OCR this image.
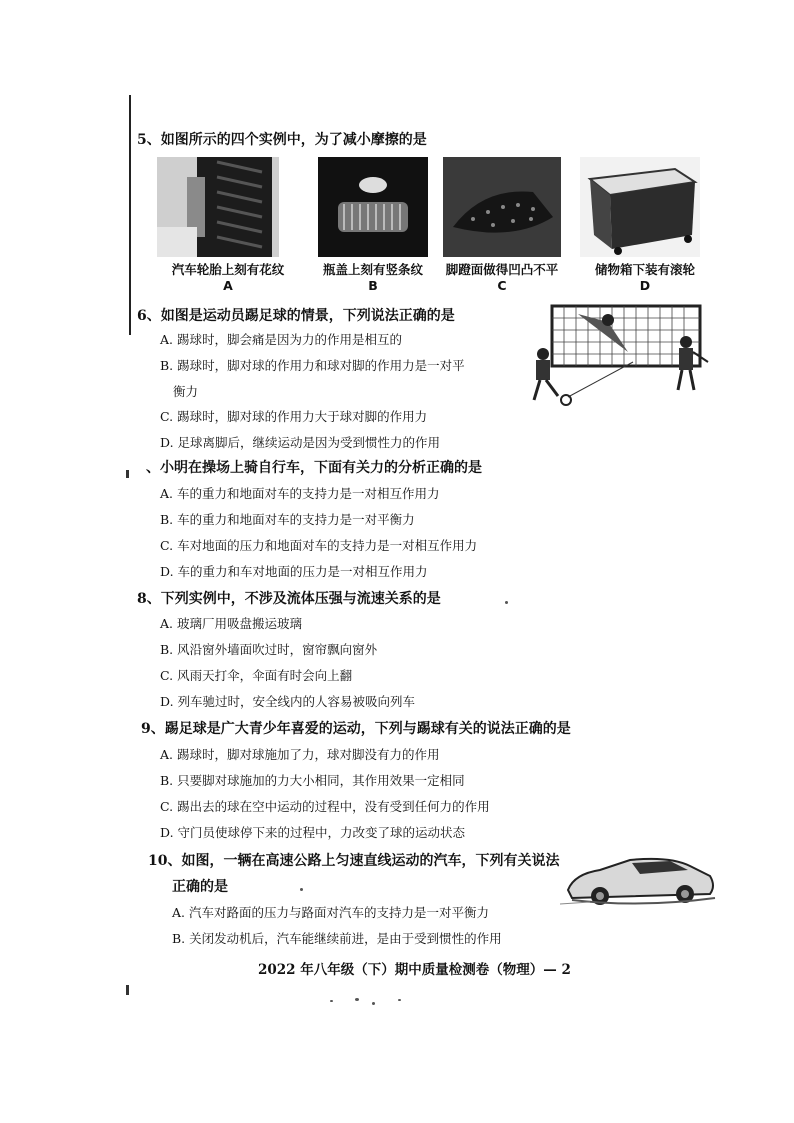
5、如图所示的四个实例中，为了减小摩擦的是
汽车轮胎上刻有花纹
A
瓶盖上刻有竖条纹
B
脚蹬面做得凹凸不平
C
储物箱下装有滚轮
D
6、如图是运动员踢足球的情景，下列说法正确的是
A. 踢球时，脚会痛是因为力的作用是相互的
B. 踢球时，脚对球的作用力和球对脚的作用力是一对平
衡力
C. 踢球时，脚对球的作用力大于球对脚的作用力
D. 足球离脚后，继续运动是因为受到惯性力的作用
、小明在操场上骑自行车，下面有关力的分析正确的是
A. 车的重力和地面对车的支持力是一对相互作用力
B. 车的重力和地面对车的支持力是一对平衡力
C. 车对地面的压力和地面对车的支持力是一对相互作用力
D. 车的重力和车对地面的压力是一对相互作用力
8、下列实例中，不涉及流体压强与流速关系的是
A. 玻璃厂用吸盘搬运玻璃
B. 风沿窗外墙面吹过时，窗帘飘向窗外
C. 风雨天打伞，伞面有时会向上翻
D. 列车驰过时，安全线内的人容易被吸向列车
9、踢足球是广大青少年喜爱的运动，下列与踢球有关的说法正确的是
A. 踢球时，脚对球施加了力，球对脚没有力的作用
B. 只要脚对球施加的力大小相同，其作用效果一定相同
C. 踢出去的球在空中运动的过程中，没有受到任何力的作用
D. 守门员使球停下来的过程中，力改变了球的运动状态
10、如图，一辆在高速公路上匀速直线运动的汽车，下列有关说法
正确的是
A. 汽车对路面的压力与路面对汽车的支持力是一对平衡力
B. 关闭发动机后，汽车能继续前进，是由于受到惯性的作用
2022 年八年级（下）期中质量检测卷（物理）— 2
